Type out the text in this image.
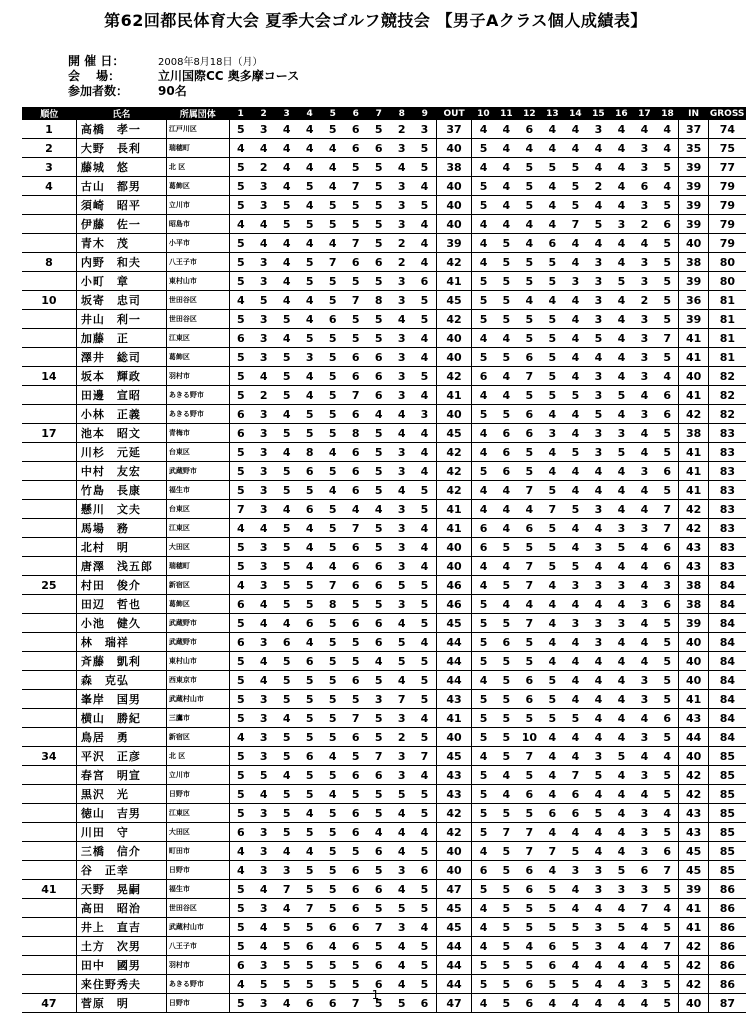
第62回都民体育大会 夏季大会ゴルフ競技会 【男子Aクラス個人成績表】
開 催 日：	2008年8月18日（月）
会　 場：	立川国際CC 奥多摩コース
参加者数： 90名
順位	氏名	所属団体	1	2	3	4	5	6	7	8	9	OUT	10	11	12	13	14	15	16	17	18	IN	GROSS
1	高橋　孝一	江戸川区	5	3	4	4	5	6	5	2	3	37	4	4	6	4	4	3	4	4	4	37	74
2	大野　長利	瑞穂町	4	4	4	4	4	6	6	3	5	40	5	4	4	4	4	4	4	3	4	35	75
3	藤城　悠	北 区	5	2	4	4	4	5	5	4	5	38	4	4	5	5	5	4	4	3	5	39	77
4	古山　都男	葛飾区	5	3	4	5	4	7	5	3	4	40	5	4	5	4	5	2	4	6	4	39	79
	須崎　昭平	立川市	5	3	5	4	5	5	5	3	5	40	5	4	5	4	5	4	4	3	5	39	79
	伊藤　佐一	昭島市	4	4	5	5	5	5	5	3	4	40	4	4	4	4	7	5	3	2	6	39	79
	青木　茂	小平市	5	4	4	4	4	7	5	2	4	39	4	5	4	6	4	4	4	4	5	40	79
8	内野　和夫	八王子市	5	3	4	5	7	6	6	2	4	42	4	5	5	5	4	3	4	3	5	38	80
	小町　章	東村山市	5	3	4	5	5	5	5	3	6	41	5	5	5	5	3	3	5	3	5	39	80
10	坂寄　忠司	世田谷区	4	5	4	4	5	7	8	3	5	45	5	5	4	4	4	3	4	2	5	36	81
	井山　利一	世田谷区	5	3	5	4	6	5	5	4	5	42	5	5	5	5	4	3	4	3	5	39	81
	加藤　正	江東区	6	3	4	5	5	5	5	3	4	40	4	4	5	5	4	5	4	3	7	41	81
	澤井　総司	葛飾区	5	3	5	3	5	6	6	3	4	40	5	5	6	5	4	4	4	3	5	41	81
14	坂本　輝政	羽村市	5	4	5	4	5	6	6	3	5	42	6	4	7	5	4	3	4	3	4	40	82
	田邊　宣昭	あきる野市	5	2	5	4	5	7	6	3	4	41	4	4	5	5	5	3	5	4	6	41	82
	小林　正義	あきる野市	6	3	4	5	5	6	4	4	3	40	5	5	6	4	4	5	4	3	6	42	82
17	池本　昭文	青梅市	6	3	5	5	5	8	5	4	4	45	4	6	6	3	4	3	3	4	5	38	83
	川杉　元延	台東区	5	3	4	8	4	6	5	3	4	42	4	6	5	4	5	3	5	4	5	41	83
	中村　友宏	武蔵野市	5	3	5	6	5	6	5	3	4	42	5	6	5	4	4	4	4	3	6	41	83
	竹島　長康	福生市	5	3	5	5	4	6	5	4	5	42	4	4	7	5	4	4	4	4	5	41	83
	懸川　文夫	台東区	7	3	4	6	5	4	4	3	5	41	4	4	4	7	5	3	4	4	7	42	83
	馬場　務	江東区	4	4	5	4	5	7	5	3	4	41	6	4	6	5	4	4	3	3	7	42	83
	北村　明	大田区	5	3	5	4	5	6	5	3	4	40	6	5	5	5	4	3	5	4	6	43	83
	唐澤　浅五郎	瑞穂町	5	3	5	4	4	6	6	3	4	40	4	4	7	5	5	4	4	4	6	43	83
25	村田　俊介	新宿区	4	3	5	5	7	6	6	5	5	46	4	5	7	4	3	3	3	4	3	38	84
	田辺　哲也	葛飾区	6	4	5	5	8	5	5	3	5	46	5	4	4	4	4	4	4	3	6	38	84
	小池　健久	武蔵野市	5	4	4	6	5	6	6	4	5	45	5	5	7	4	3	3	3	4	5	39	84
	林　瑞祥	武蔵野市	6	3	6	4	5	5	6	5	4	44	5	6	5	4	4	3	4	4	5	40	84
	斉藤　凱利	東村山市	5	4	5	6	5	5	4	5	5	44	5	5	5	4	4	4	4	4	5	40	84
	森　克弘	西東京市	5	4	5	5	5	6	5	4	5	44	4	5	6	5	4	4	4	3	5	40	84
	峯岸　国男	武蔵村山市	5	3	5	5	5	5	3	7	5	43	5	5	6	5	4	4	4	3	5	41	84
	横山　勝紀	三鷹市	5	3	4	5	5	7	5	3	4	41	5	5	5	5	5	4	4	4	6	43	84
	鳥居　勇	新宿区	4	3	5	5	5	6	5	2	5	40	5	5	10	4	4	4	4	3	5	44	84
34	平沢　正彦	北 区	5	3	5	6	4	5	7	3	7	45	4	5	7	4	4	3	5	4	4	40	85
	春宮　明宣	立川市	5	5	4	5	5	6	6	3	4	43	5	4	5	4	7	5	4	3	5	42	85
	黒沢　光	日野市	5	4	5	5	4	5	5	5	5	43	5	4	6	4	6	4	4	4	5	42	85
	徳山　吉男	江東区	5	3	5	4	5	6	5	4	5	42	5	5	5	6	6	5	4	3	4	43	85
	川田　守	大田区	6	3	5	5	5	6	4	4	4	42	5	7	7	4	4	4	4	3	5	43	85
	三橋　信介	町田市	4	3	4	4	5	5	6	4	5	40	4	5	7	7	5	4	4	3	6	45	85
	谷　正幸	日野市	4	3	3	5	5	6	5	3	6	40	6	5	6	4	3	3	5	6	7	45	85
41	天野　晃嗣	福生市	5	4	7	5	5	6	6	4	5	47	5	5	6	5	4	3	3	3	5	39	86
	高田　昭治	世田谷区	5	3	4	7	5	6	5	5	5	45	4	5	5	5	4	4	4	7	4	41	86
	井上　直吉	武蔵村山市	5	4	5	5	6	6	7	3	4	45	4	5	5	5	5	3	5	4	5	41	86
	土方　次男	八王子市	5	4	5	6	4	6	5	4	5	44	4	5	4	6	5	3	4	4	7	42	86
	田中　國男	羽村市	6	3	5	5	5	5	6	4	5	44	5	5	5	6	4	4	4	4	5	42	86
	来住野秀夫	あきる野市	4	5	5	5	5	5	6	4	5	44	5	5	6	5	5	4	4	3	5	42	86
47	菅原　明	日野市	5	3	4	6	6	7	5	5	6	47	4	5	6	4	4	4	4	4	5	40	87
1
